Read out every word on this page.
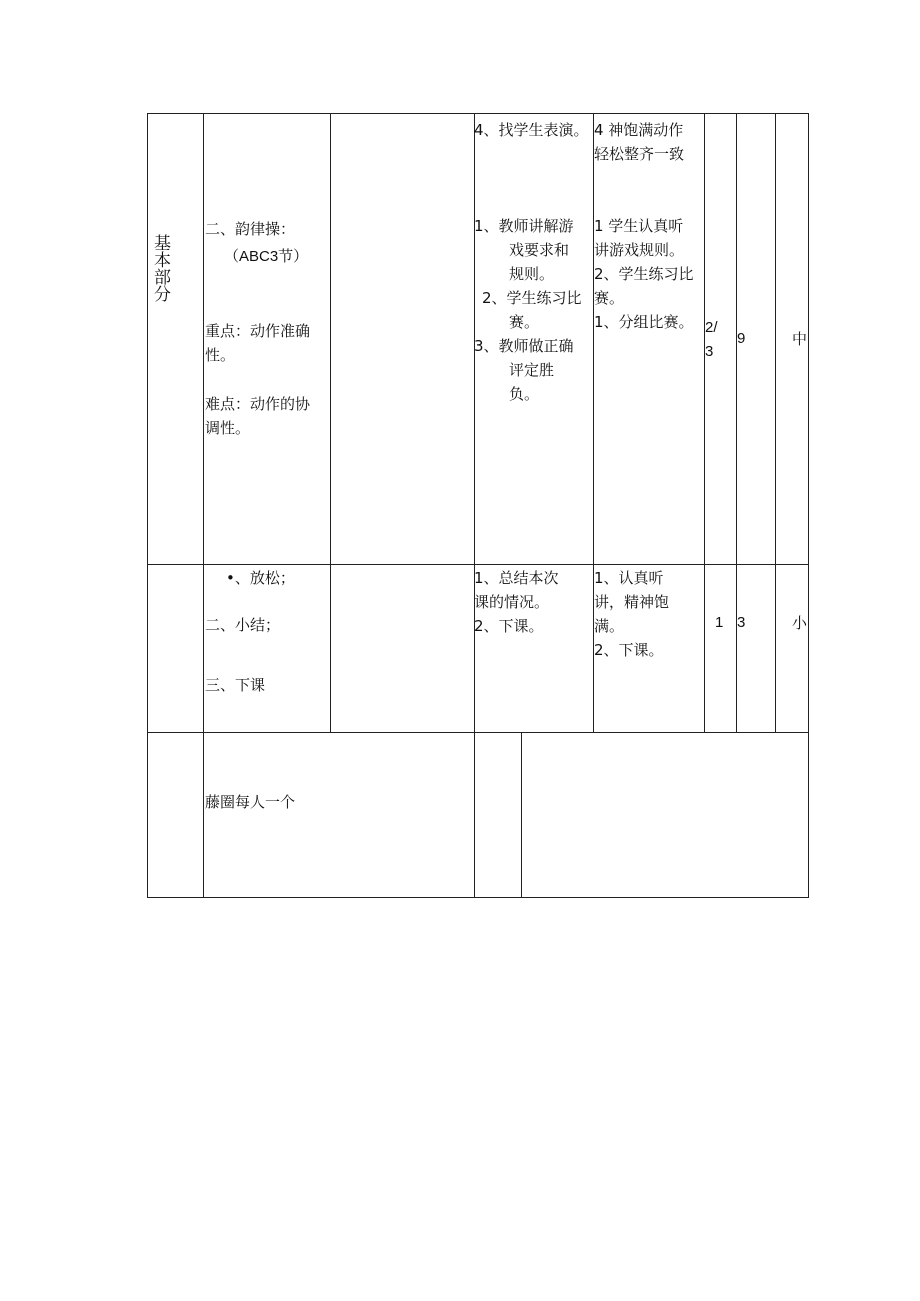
基本部分
二、韵律操：
（ABC3节）
重点：动作准确
性。
难点：动作的协
调性。
4、找学生表演。

1、教师讲解游

戏要求和

规则。

2、学生练习比

赛。

3、教师做正确

评定胜

负。

4 神饱满动作
轻松整齐一致

1 学生认真听

讲游戏规则。

2、学生练习比

赛。

1、分组比赛。 2/
3
9	中
•、放松；
二、小结；
三、下课

1、总结本次

课的情况。

2、下课。

1、认真听

讲，精神饱

满。

2、下课。

1 3	小
藤圈每人一个
